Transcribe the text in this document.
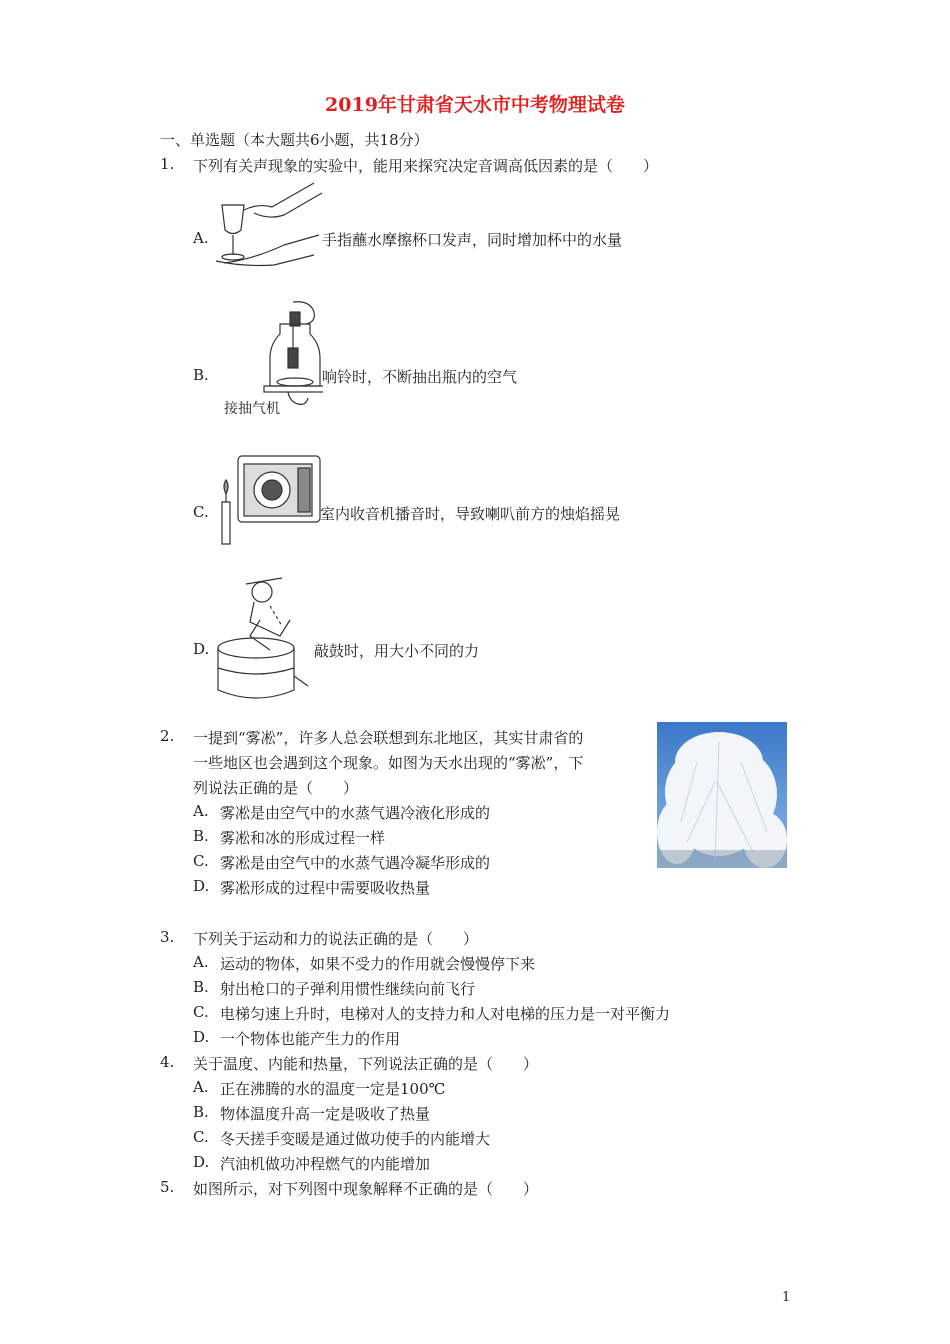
2019年甘肃省天水市中考物理试卷
一、单选题（本大题共6小题，共18分）
1. 下列有关声现象的实验中，能用来探究决定音调高低因素的是（　　）
A.	手指蘸水摩擦杯口发声，同时增加杯中的水量
B.
接抽气机
响铃时，不断抽出瓶内的空气
C.	室内收音机播音时，导致喇叭前方的烛焰摇晃
D.	敲鼓时，用大小不同的力
2. 一提到“雾凇”，许多人总会联想到东北地区，其实甘肃省的
一些地区也会遇到这个现象。如图为天水出现的“雾凇”，下
列说法正确的是（　　）
A. 雾凇是由空气中的水蒸气遇冷液化形成的
B. 雾凇和冰的形成过程一样
C. 雾凇是由空气中的水蒸气遇冷凝华形成的
D. 雾凇形成的过程中需要吸收热量
3. 下列关于运动和力的说法正确的是（　　）
A. 运动的物体，如果不受力的作用就会慢慢停下来
B. 射出枪口的子弹利用惯性继续向前飞行
C. 电梯匀速上升时，电梯对人的支持力和人对电梯的压力是一对平衡力
D. 一个物体也能产生力的作用
4. 关于温度、内能和热量，下列说法正确的是（　　）
A. 正在沸腾的水的温度一定是100℃
B. 物体温度升高一定是吸收了热量
C. 冬天搓手变暖是通过做功使手的内能增大
D. 汽油机做功冲程燃气的内能增加
5. 如图所示，对下列图中现象解释不正确的是（　　）
1
